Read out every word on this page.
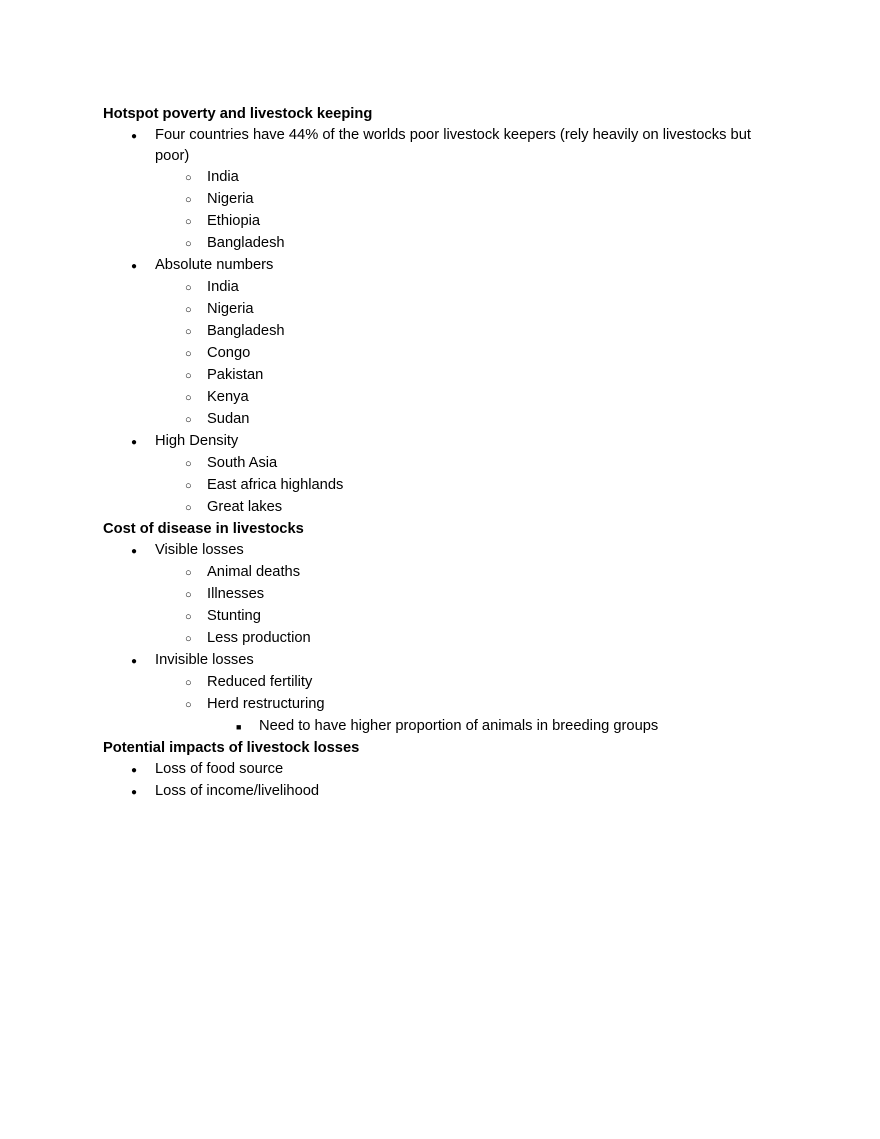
Hotspot poverty and livestock keeping
●	Four countries have 44% of the worlds poor livestock keepers (rely heavily on livestocks but poor)
○	India
○	Nigeria
○	Ethiopia
○	Bangladesh
●	Absolute numbers
○	India
○	Nigeria
○	Bangladesh
○	Congo
○	Pakistan
○	Kenya
○	Sudan
●	High Density
○	South Asia
○	East africa highlands
○	Great lakes
Cost of disease in livestocks
●	Visible losses
○	Animal deaths
○	Illnesses
○	Stunting
○	Less production
●	Invisible losses
○	Reduced fertility
○	Herd restructuring
■	Need to have higher proportion of animals in breeding groups
Potential impacts of livestock losses
●	Loss of food source
●	Loss of income/livelihood
